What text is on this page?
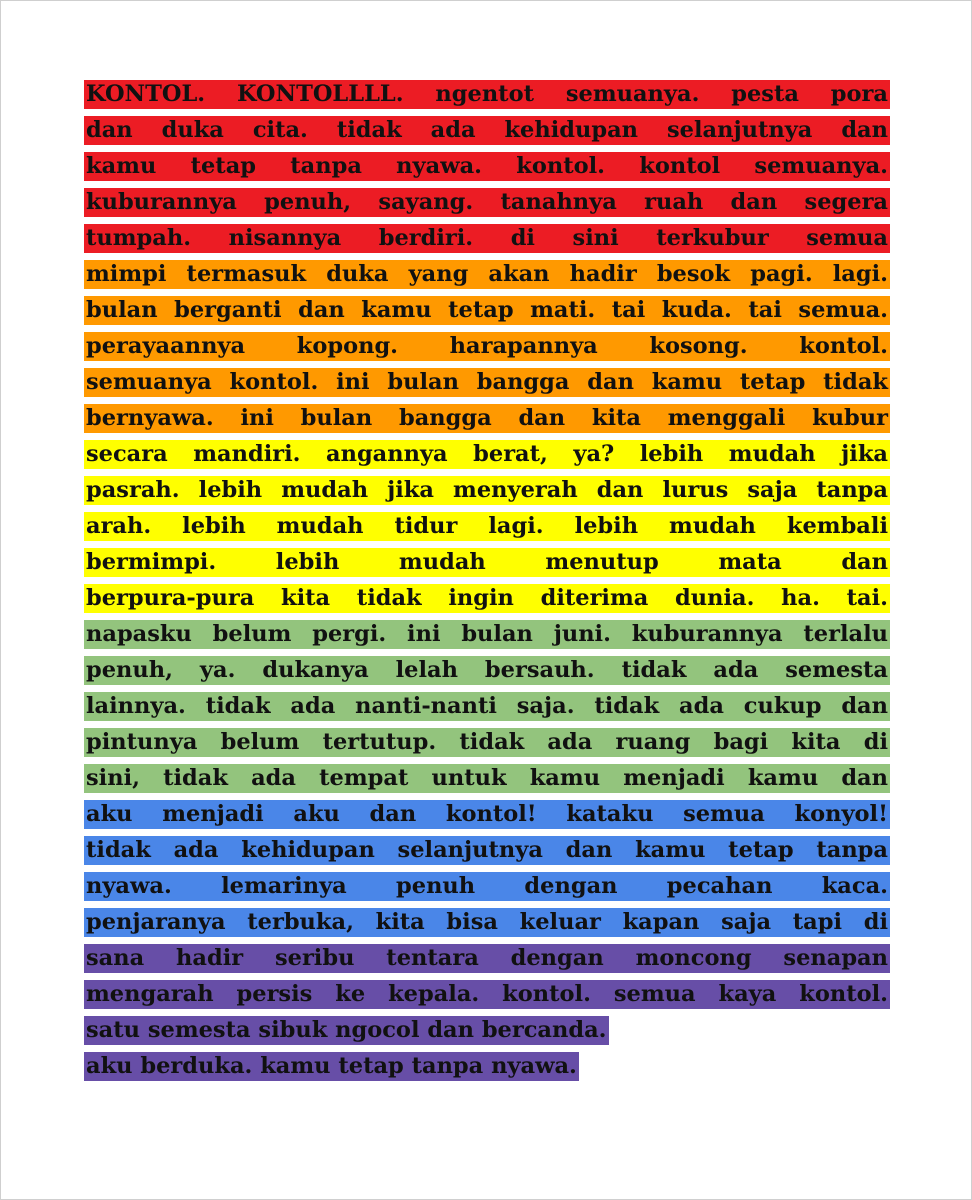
KONTOL. KONTOLLLL. ngentot semuanya. pesta pora
dan duka cita. tidak ada kehidupan selanjutnya dan
kamu tetap tanpa nyawa. kontol. kontol semuanya.
kuburannya penuh, sayang. tanahnya ruah dan segera
tumpah. nisannya berdiri. di sini terkubur semua
mimpi termasuk duka yang akan hadir besok pagi. lagi.
bulan berganti dan kamu tetap mati. tai kuda. tai semua.
perayaannya kopong. harapannya kosong. kontol.
semuanya kontol. ini bulan bangga dan kamu tetap tidak
bernyawa. ini bulan bangga dan kita menggali kubur
secara mandiri. angannya berat, ya? lebih mudah jika
pasrah. lebih mudah jika menyerah dan lurus saja tanpa
arah. lebih mudah tidur lagi. lebih mudah kembali
bermimpi. lebih mudah menutup mata dan
berpura-pura kita tidak ingin diterima dunia. ha. tai.
napasku belum pergi. ini bulan juni. kuburannya terlalu
penuh, ya. dukanya lelah bersauh. tidak ada semesta
lainnya. tidak ada nanti-nanti saja. tidak ada cukup dan
pintunya belum tertutup. tidak ada ruang bagi kita di
sini, tidak ada tempat untuk kamu menjadi kamu dan
aku menjadi aku dan kontol! kataku semua konyol!
tidak ada kehidupan selanjutnya dan kamu tetap tanpa
nyawa. lemarinya penuh dengan pecahan kaca.
penjaranya terbuka, kita bisa keluar kapan saja tapi di
sana hadir seribu tentara dengan moncong senapan
mengarah persis ke kepala. kontol. semua kaya kontol.
satu semesta sibuk ngocol dan bercanda.
aku berduka. kamu tetap tanpa nyawa.
